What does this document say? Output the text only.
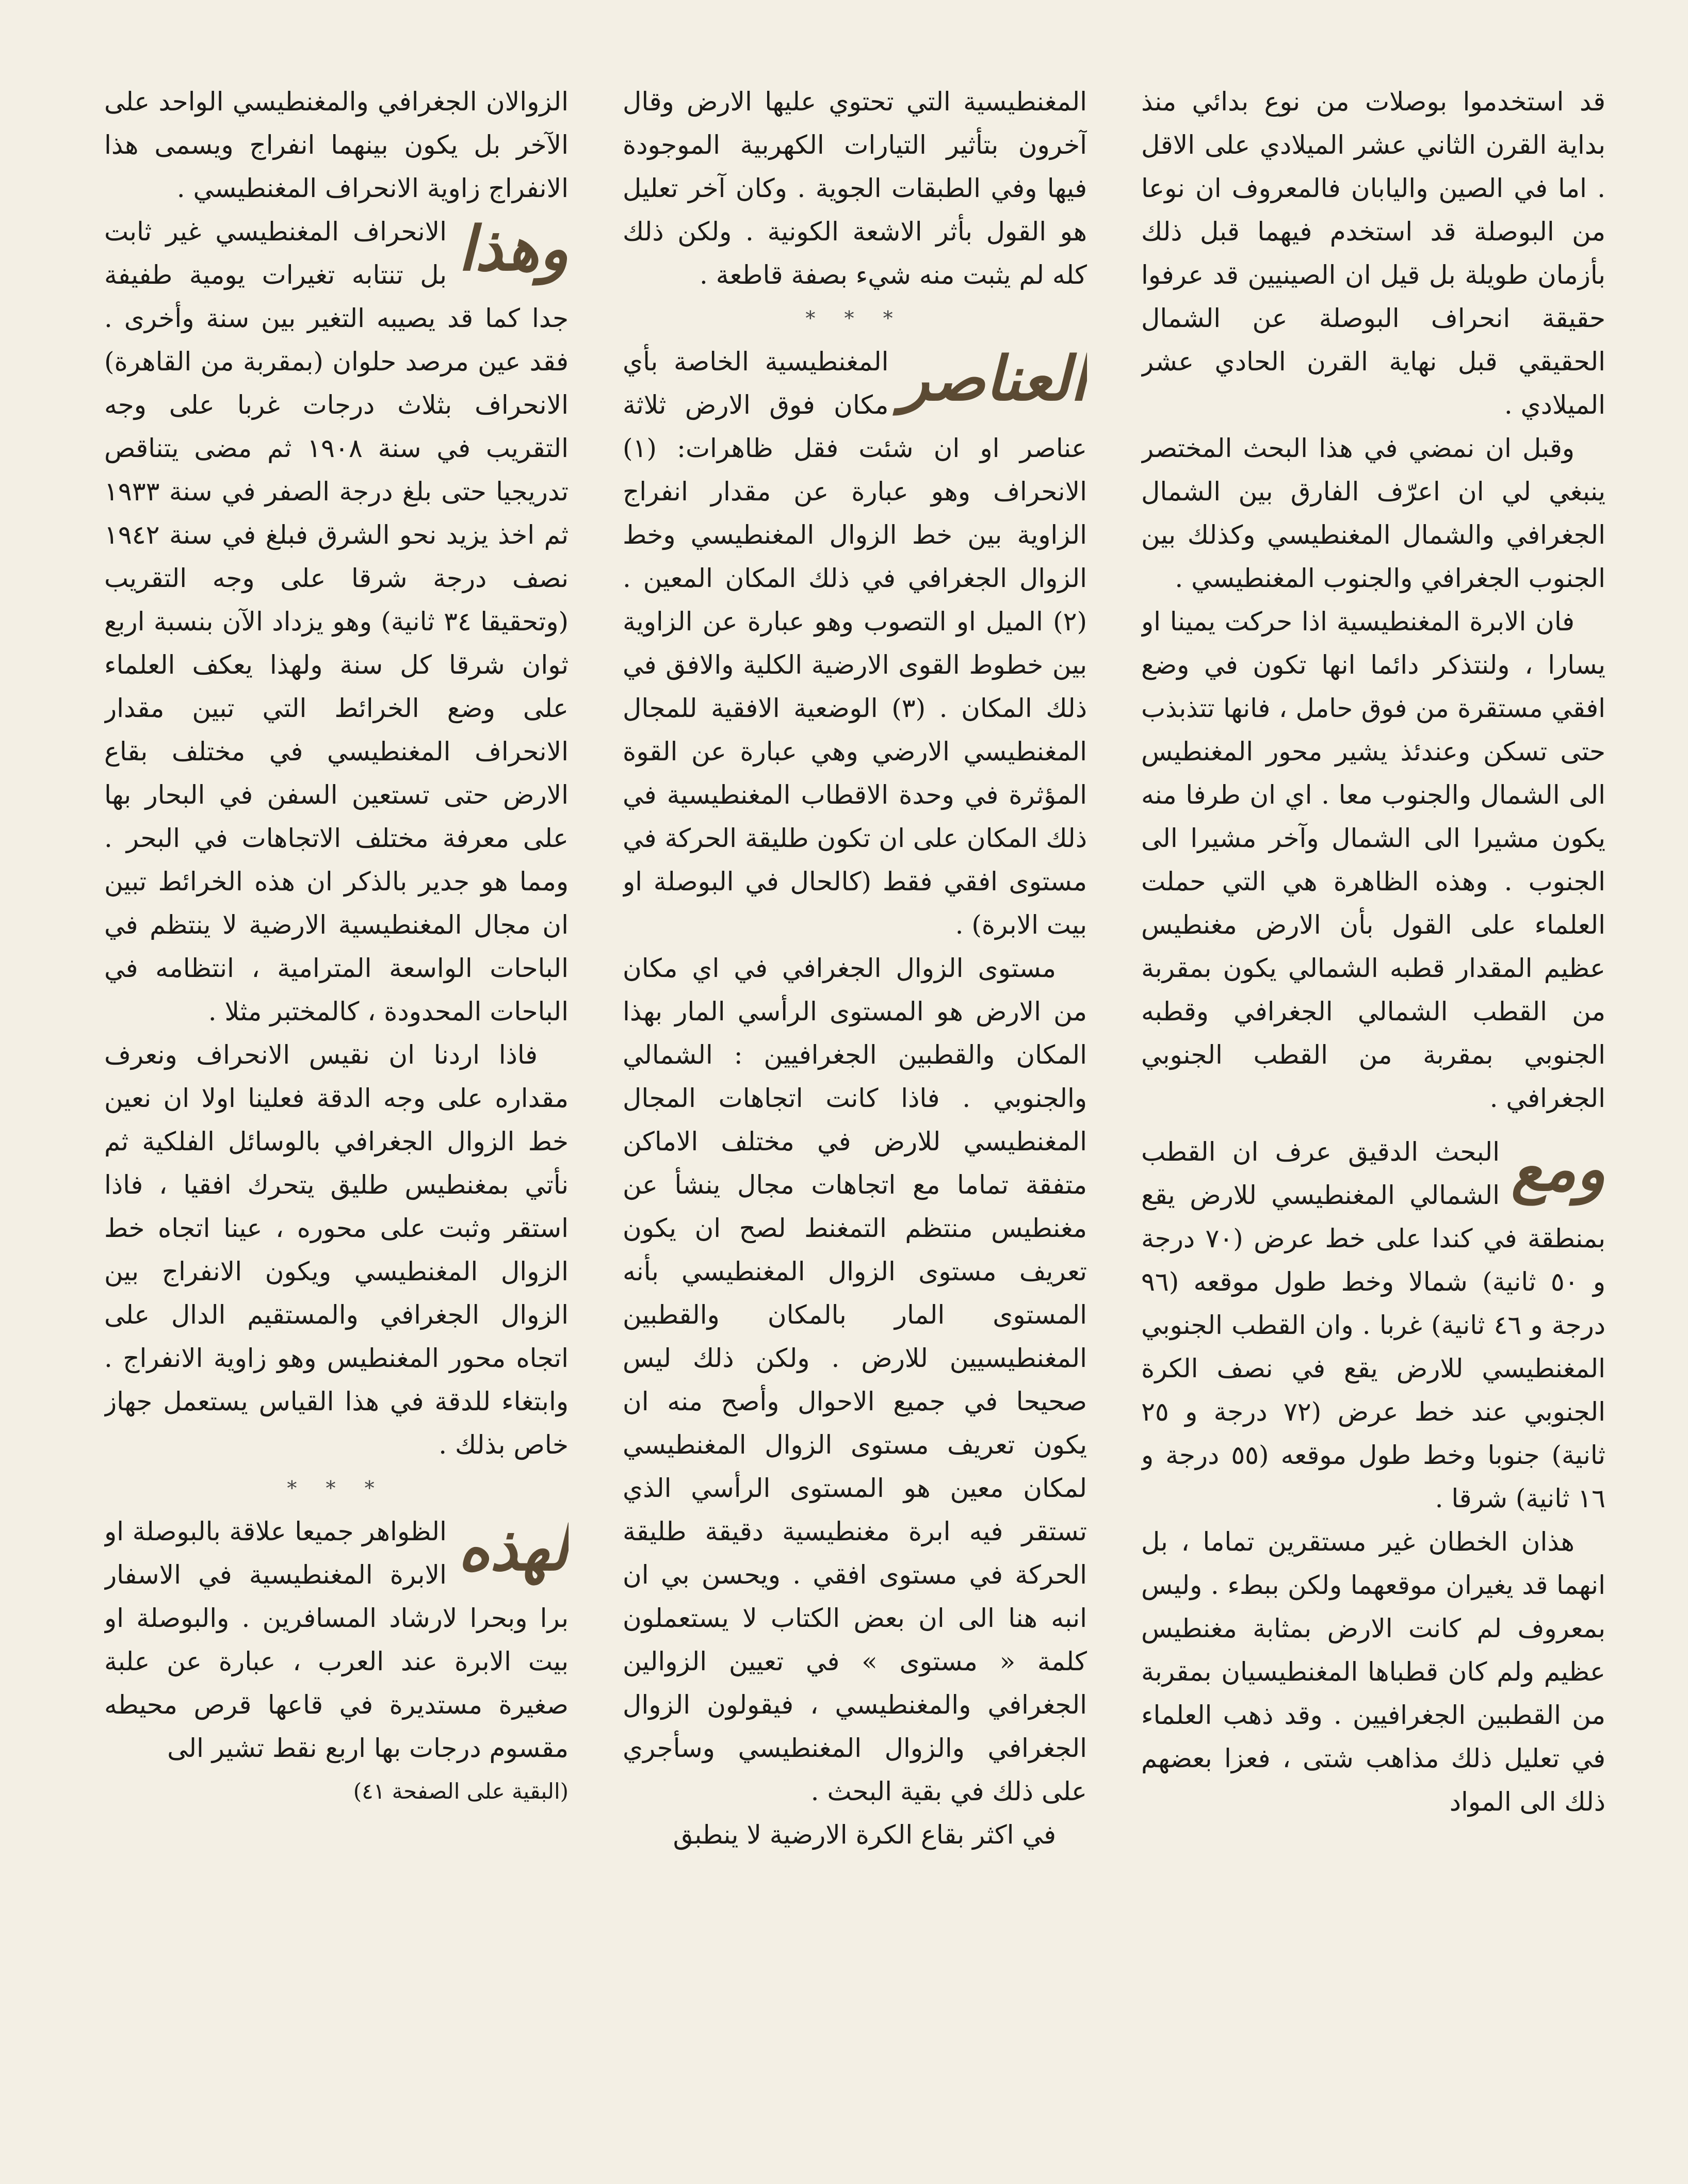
قد استخدموا بوصلات من نوع بدائي منذ بداية القرن الثاني عشر الميلادي على الاقل . اما في الصين واليابان فالمعروف ان نوعا من البوصلة قد استخدم فيهما قبل ذلك بأزمان طويلة بل قيل ان الصينيين قد عرفوا حقيقة انحراف البوصلة عن الشمال الحقيقي قبل نهاية القرن الحادي عشر الميلادي .

وقبل ان نمضي في هذا البحث المختصر ينبغي لي ان اعرّف الفارق بين الشمال الجغرافي والشمال المغنطيسي وكذلك بين الجنوب الجغرافي والجنوب المغنطيسي .

فان الابرة المغنطيسية اذا حركت يمينا او يسارا ، ولنتذكر دائما انها تكون في وضع افقي مستقرة من فوق حامل ، فانها تتذبذب حتى تسكن وعندئذ يشير محور المغنطيس الى الشمال والجنوب معا . اي ان طرفا منه يكون مشيرا الى الشمال وآخر مشيرا الى الجنوب . وهذه الظاهرة هي التي حملت العلماء على القول بأن الارض مغنطيس عظيم المقدار قطبه الشمالي يكون بمقربة من القطب الشمالي الجغرافي وقطبه الجنوبي بمقربة من القطب الجنوبي الجغرافي .

ومع
البحث الدقيق عرف ان القطب الشمالي المغنطيسي للارض يقع بمنطقة في كندا على خط عرض (٧٠ درجة و ٥٠ ثانية) شمالا وخط طول موقعه (٩٦ درجة و ٤٦ ثانية) غربا . وان القطب الجنوبي المغنطيسي للارض يقع في نصف الكرة الجنوبي عند خط عرض (٧٢ درجة و ٢٥ ثانية) جنوبا وخط طول موقعه (٥٥ درجة و ١٦ ثانية) شرقا .

هذان الخطان غير مستقرين تماما ، بل انهما قد يغيران موقعهما ولكن ببطء . وليس بمعروف لم كانت الارض بمثابة مغنطيس عظيم ولم كان قطباها المغنطيسيان بمقربة من القطبين الجغرافيين . وقد ذهب العلماء في تعليل ذلك مذاهب شتى ، فعزا بعضهم ذلك الى المواد

المغنطيسية التي تحتوي عليها الارض وقال آخرون بتأثير التيارات الكهربية الموجودة فيها وفي الطبقات الجوية . وكان آخر تعليل هو القول بأثر الاشعة الكونية . ولكن ذلك كله لم يثبت منه شيء بصفة قاطعة .

* * *

العناصر
المغنطيسية الخاصة بأي مكان فوق الارض ثلاثة عناصر او ان شئت فقل ظاهرات: (١) الانحراف وهو عبارة عن مقدار انفراج الزاوية بين خط الزوال المغنطيسي وخط الزوال الجغرافي في ذلك المكان المعين . (٢) الميل او التصوب وهو عبارة عن الزاوية بين خطوط القوى الارضية الكلية والافق في ذلك المكان . (٣) الوضعية الافقية للمجال المغنطيسي الارضي وهي عبارة عن القوة المؤثرة في وحدة الاقطاب المغنطيسية في ذلك المكان على ان تكون طليقة الحركة في مستوى افقي فقط (كالحال في البوصلة او بيت الابرة) .

مستوى الزوال الجغرافي في اي مكان من الارض هو المستوى الرأسي المار بهذا المكان والقطبين الجغرافيين : الشمالي والجنوبي . فاذا كانت اتجاهات المجال المغنطيسي للارض في مختلف الاماكن متفقة تماما مع اتجاهات مجال ينشأ عن مغنطيس منتظم التمغنط لصح ان يكون تعريف مستوى الزوال المغنطيسي بأنه المستوى المار بالمكان والقطبين المغنطيسيين للارض . ولكن ذلك ليس صحيحا في جميع الاحوال وأصح منه ان يكون تعريف مستوى الزوال المغنطيسي لمكان معين هو المستوى الرأسي الذي تستقر فيه ابرة مغنطيسية دقيقة طليقة الحركة في مستوى افقي . ويحسن بي ان انبه هنا الى ان بعض الكتاب لا يستعملون كلمة « مستوى » في تعيين الزوالين الجغرافي والمغنطيسي ، فيقولون الزوال الجغرافي والزوال المغنطيسي وسأجري على ذلك في بقية البحث .

في اكثر بقاع الكرة الارضية لا ينطبق

الزوالان الجغرافي والمغنطيسي الواحد على الآخر بل يكون بينهما انفراج ويسمى هذا الانفراج زاوية الانحراف المغنطيسي .

وهذا
الانحراف المغنطيسي غير ثابت بل تنتابه تغيرات يومية طفيفة جدا كما قد يصيبه التغير بين سنة وأخرى . فقد عين مرصد حلوان (بمقربة من القاهرة) الانحراف بثلاث درجات غربا على وجه التقريب في سنة ١٩٠٨ ثم مضى يتناقص تدريجيا حتى بلغ درجة الصفر في سنة ١٩٣٣ ثم اخذ يزيد نحو الشرق فبلغ في سنة ١٩٤٢ نصف درجة شرقا على وجه التقريب (وتحقيقا ٣٤ ثانية) وهو يزداد الآن بنسبة اربع ثوان شرقا كل سنة ولهذا يعكف العلماء على وضع الخرائط التي تبين مقدار الانحراف المغنطيسي في مختلف بقاع الارض حتى تستعين السفن في البحار بها على معرفة مختلف الاتجاهات في البحر . ومما هو جدير بالذكر ان هذه الخرائط تبين ان مجال المغنطيسية الارضية لا ينتظم في الباحات الواسعة المترامية ، انتظامه في الباحات المحدودة ، كالمختبر مثلا .

فاذا اردنا ان نقيس الانحراف ونعرف مقداره على وجه الدقة فعلينا اولا ان نعين خط الزوال الجغرافي بالوسائل الفلكية ثم نأتي بمغنطيس طليق يتحرك افقيا ، فاذا استقر وثبت على محوره ، عينا اتجاه خط الزوال المغنطيسي ويكون الانفراج بين الزوال الجغرافي والمستقيم الدال على اتجاه محور المغنطيس وهو زاوية الانفراج . وابتغاء للدقة في هذا القياس يستعمل جهاز خاص بذلك .

* * *

لهذه
الظواهر جميعا علاقة بالبوصلة او الابرة المغنطيسية في الاسفار برا وبحرا لارشاد المسافرين . والبوصلة او بيت الابرة عند العرب ، عبارة عن علبة صغيرة مستديرة في قاعها قرص محيطه مقسوم درجات بها اربع نقط تشير الى

(البقية على الصفحة ٤١)
